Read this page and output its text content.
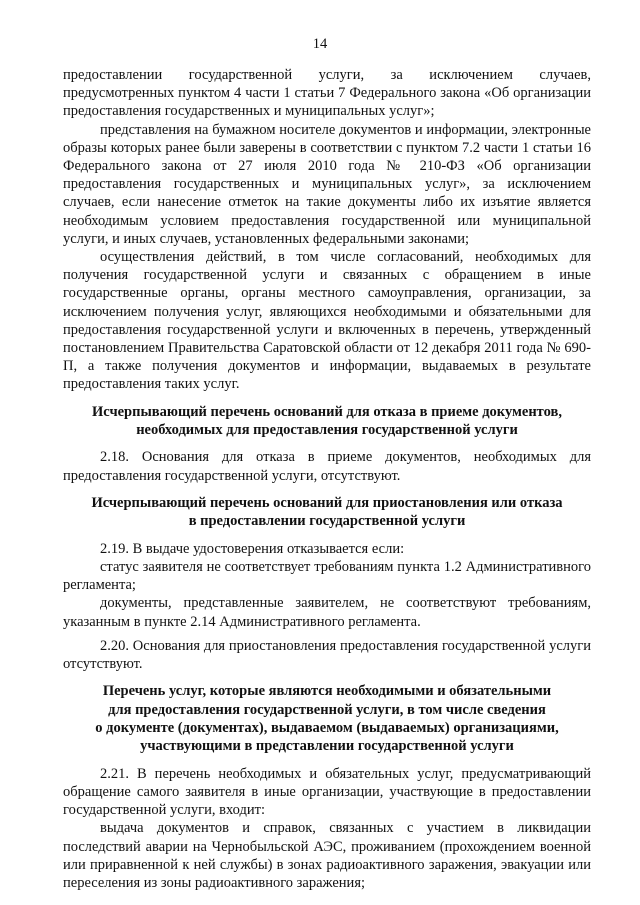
14

предоставлении государственной услуги, за исключением случаев, предусмотренных пунктом 4 части 1 статьи 7 Федерального закона «Об организации предоставления государственных и муниципальных услуг»;

представления на бумажном носителе документов и информации, электронные образы которых ранее были заверены в соответствии с пунктом 7.2 части 1 статьи 16 Федерального закона от 27 июля 2010 года № 210-ФЗ «Об организации предоставления государственных и муниципальных услуг», за исключением случаев, если нанесение отметок на такие документы либо их изъятие является необходимым условием предоставления государственной или муниципальной услуги, и иных случаев, установленных федеральными законами;

осуществления действий, в том числе согласований, необходимых для получения государственной услуги и связанных с обращением в иные государственные органы, органы местного самоуправления, организации, за исключением получения услуг, являющихся необходимыми и обязательными для предоставления государственной услуги и включенных в перечень, утвержденный постановлением Правительства Саратовской области от 12 декабря 2011 года № 690-П, а также получения документов и информации, выдаваемых в результате предоставления таких услуг.

Исчерпывающий перечень оснований для отказа в приеме документов,
необходимых для предоставления государственной услуги

2.18. Основания для отказа в приеме документов, необходимых для предоставления государственной услуги, отсутствуют.

Исчерпывающий перечень оснований для приостановления или отказа
в предоставлении государственной услуги

2.19. В выдаче удостоверения отказывается если:

статус заявителя не соответствует требованиям пункта 1.2 Административного регламента;

документы, представленные заявителем, не соответствуют требованиям, указанным в пункте 2.14 Административного регламента.

2.20. Основания для приостановления предоставления государственной услуги отсутствуют.

Перечень услуг, которые являются необходимыми и обязательными
для предоставления государственной услуги, в том числе сведения
о документе (документах), выдаваемом (выдаваемых) организациями,
участвующими в представлении государственной услуги

2.21. В перечень необходимых и обязательных услуг, предусматривающий обращение самого заявителя в иные организации, участвующие в предоставлении государственной услуги, входит:

выдача документов и справок, связанных с участием в ликвидации последствий аварии на Чернобыльской АЭС, проживанием (прохождением военной или приравненной к ней службы) в зонах радиоактивного заражения, эвакуации или переселения из зоны радиоактивного заражения;
